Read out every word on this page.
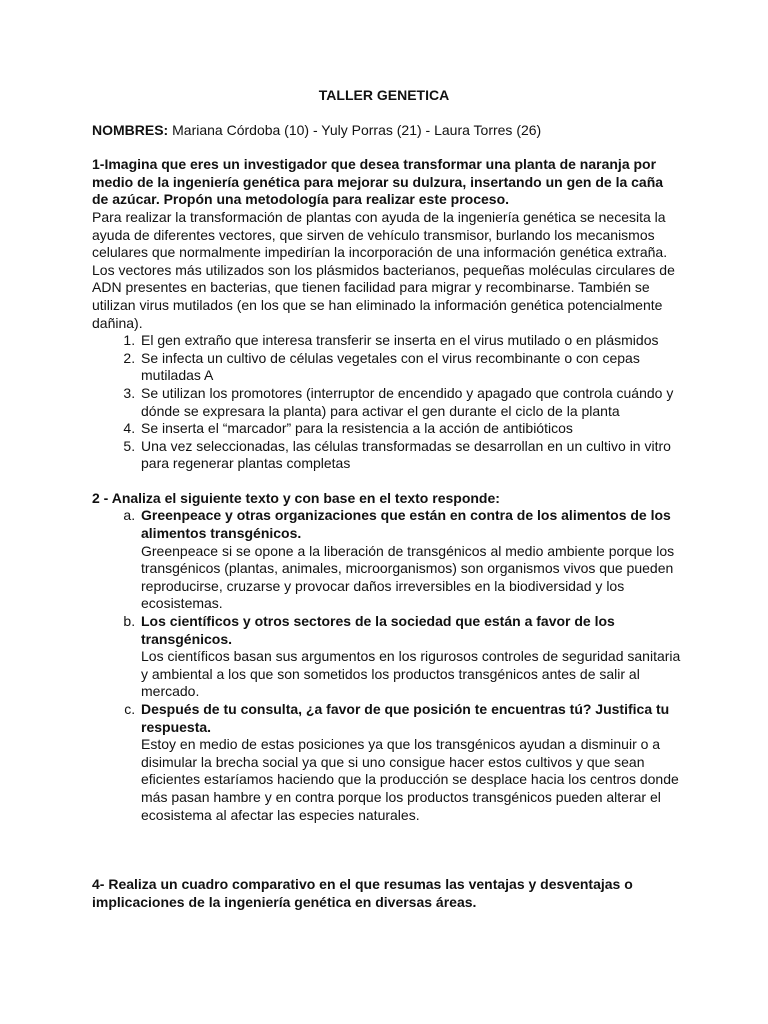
TALLER GENETICA
NOMBRES: Mariana Córdoba (10) - Yuly Porras (21) - Laura Torres (26)

1-Imagina que eres un investigador que desea transformar una planta de naranja por medio de la ingeniería genética para mejorar su dulzura, insertando un gen de la caña de azúcar. Propón una metodología para realizar este proceso.

Para realizar la transformación de plantas con ayuda de la ingeniería genética se necesita la ayuda de diferentes vectores, que sirven de vehículo transmisor, burlando los mecanismos celulares que normalmente impedirían la incorporación de una información genética extraña. Los vectores más utilizados son los plásmidos bacterianos, pequeñas moléculas circulares de ADN presentes en bacterias, que tienen facilidad para migrar y recombinarse. También se utilizan virus mutilados (en los que se han eliminado la información genética potencialmente dañina).

1. El gen extraño que interesa transferir se inserta en el virus mutilado o en plásmidos
2. Se infecta un cultivo de células vegetales con el virus recombinante o con cepas mutiladas A
3. Se utilizan los promotores (interruptor de encendido y apagado que controla cuándo y dónde se expresara la planta) para activar el gen durante el ciclo de la planta
4. Se inserta el “marcador” para la resistencia a la acción de antibióticos
5. Una vez seleccionadas, las células transformadas se desarrollan en un cultivo in vitro para regenerar plantas completas

2 - Analiza el siguiente texto y con base en el texto responde:

a. Greenpeace y otras organizaciones que están en contra de los alimentos de los alimentos transgénicos.
Greenpeace si se opone a la liberación de transgénicos al medio ambiente porque los transgénicos (plantas, animales, microorganismos) son organismos vivos que pueden reproducirse, cruzarse y provocar daños irreversibles en la biodiversidad y los ecosistemas.
b. Los científicos y otros sectores de la sociedad que están a favor de los transgénicos.
Los científicos basan sus argumentos en los rigurosos controles de seguridad sanitaria y ambiental a los que son sometidos los productos transgénicos antes de salir al mercado.
c. Después de tu consulta, ¿a favor de que posición te encuentras tú? Justifica tu respuesta.
Estoy en medio de estas posiciones ya que los transgénicos ayudan a disminuir o a disimular la brecha social ya que si uno consigue hacer estos cultivos y que sean eficientes estaríamos haciendo que la producción se desplace hacia los centros donde más pasan hambre y en contra porque los productos transgénicos pueden alterar el ecosistema al afectar las especies naturales.

4- Realiza un cuadro comparativo en el que resumas las ventajas y desventajas o implicaciones de la ingeniería genética en diversas áreas.
